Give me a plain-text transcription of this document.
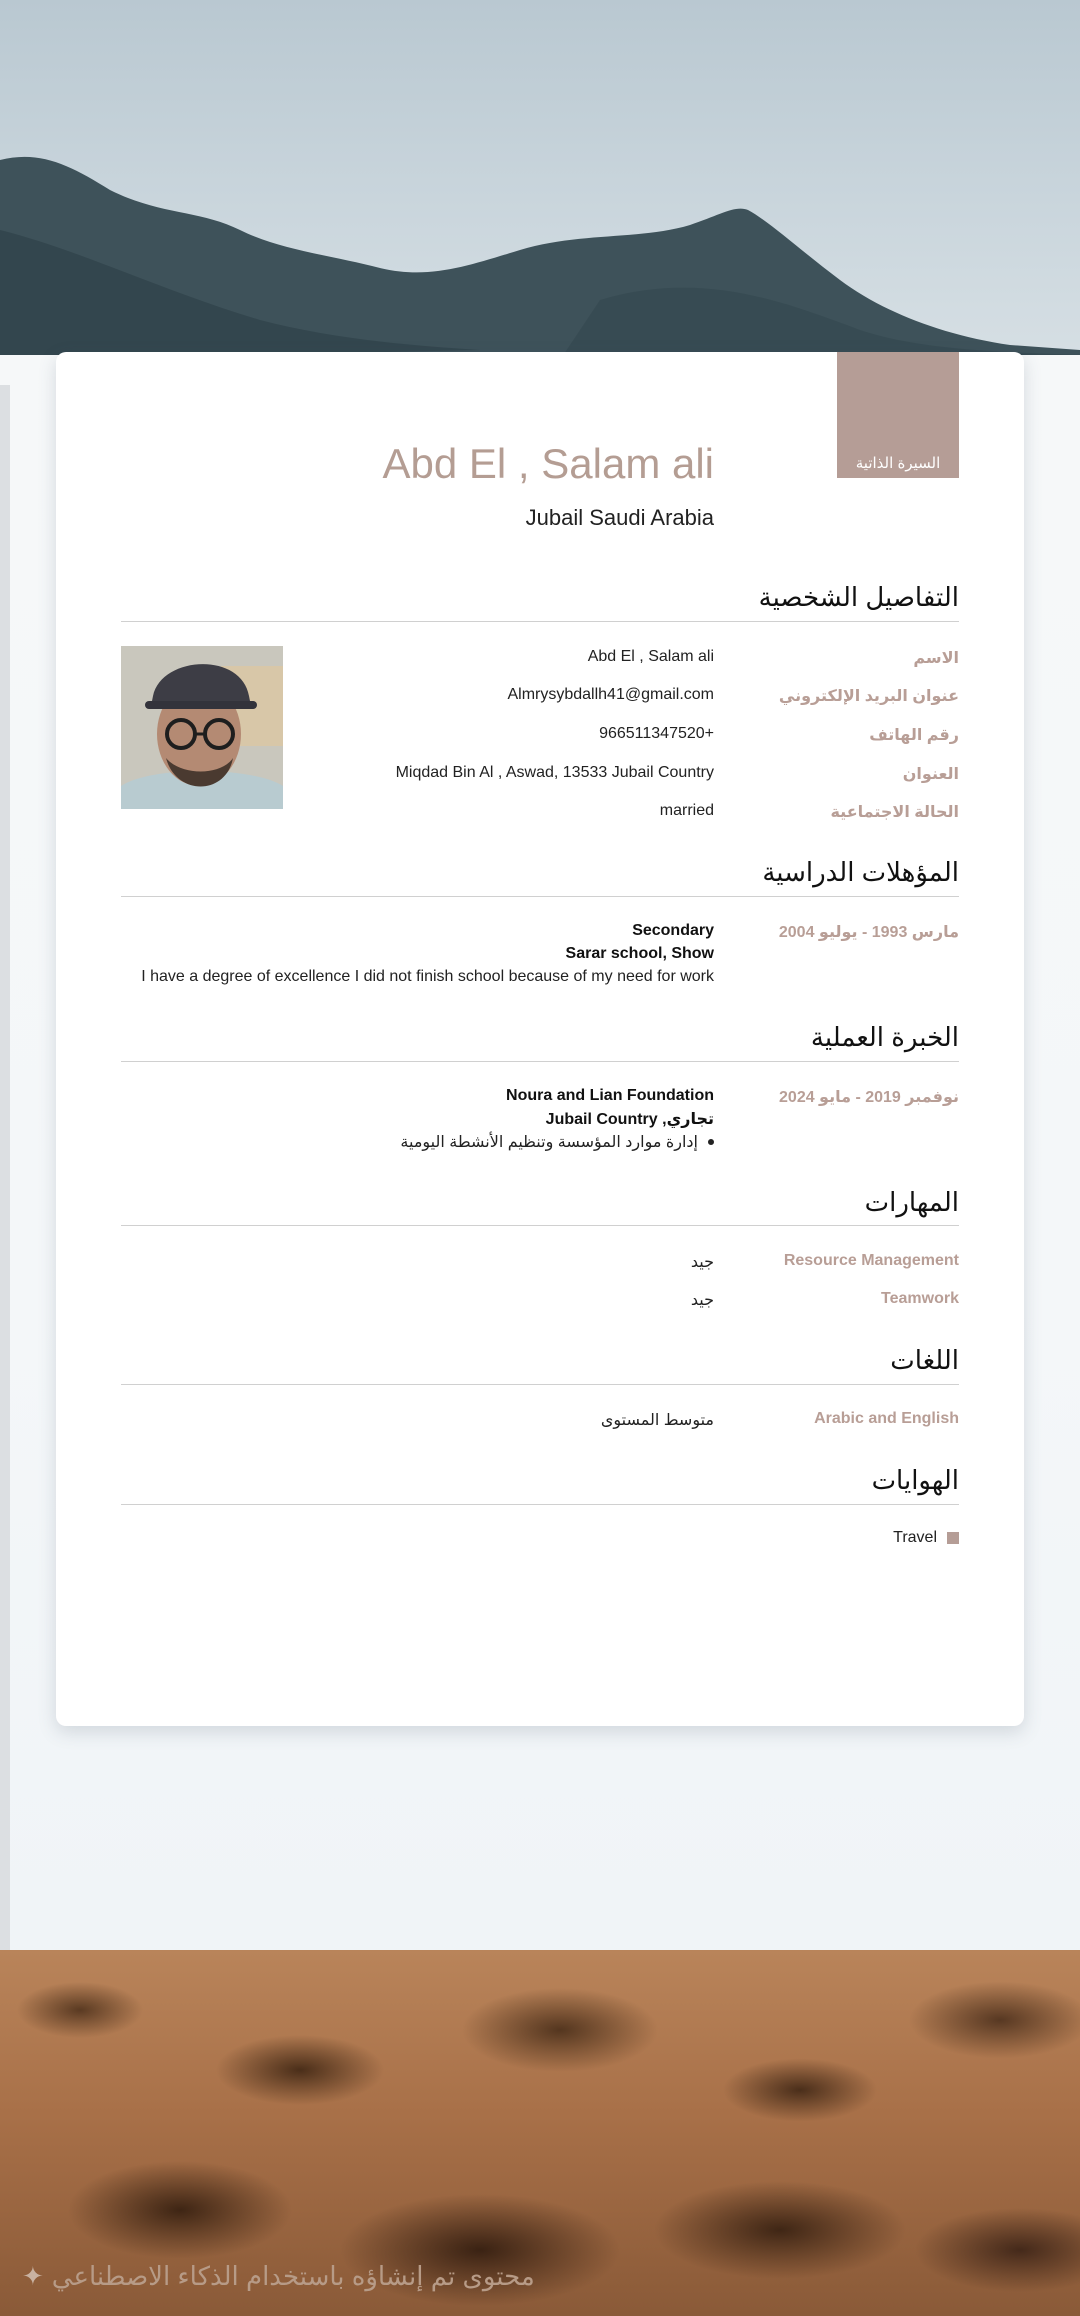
✦ محتوى تم إنشاؤه باستخدام الذكاء الاصطناعي
السيرة الذاتية
Abd El , Salam ali
Jubail Saudi Arabia
التفاصيل الشخصية
الاسم
Abd El , Salam ali
عنوان البريد الإلكتروني
Almrysybdallh41@gmail.com
رقم الهاتف
966511347520+
العنوان
Miqdad Bin Al , Aswad, 13533 Jubail Country
الحالة الاجتماعية
married
المؤهلات الدراسية
مارس 1993 - يوليو 2004
Secondary
Sarar school, Show
I have a degree of excellence I did not finish school because of my need for work
الخبرة العملية
نوفمبر 2019 - مايو 2024
Noura and Lian Foundation
تجاري, Jubail Country
إدارة موارد المؤسسة وتنظيم الأنشطة اليومية
المهارات
Resource Management
جيد
Teamwork
جيد
اللغات
Arabic and English
متوسط المستوى
الهوايات
Travel
